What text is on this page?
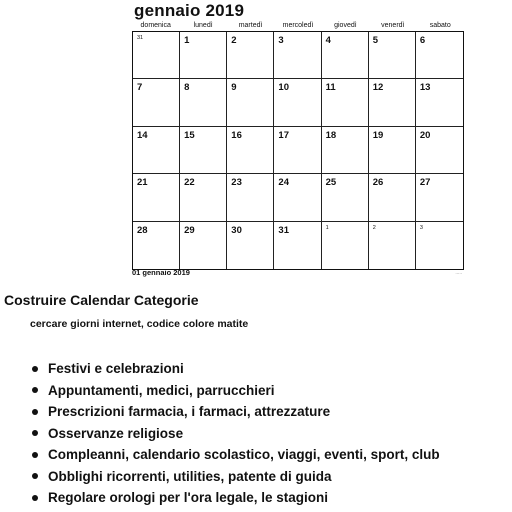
gennaio 2019
domenica	lunedì	martedì	mercoledì	giovedì	venerdì	sabato
31	1	2	3	4	5	6
7	8	9	10	11	12	13
14	15	16	17	18	19	20
21	22	23	24	25	26	27
28	29	30	31	1	2	3
01 gennaio 2019	·····
Costruire Calendar Categorie
cercare giorni internet, codice colore matite
Festivi e celebrazioni
Appuntamenti, medici, parrucchieri
Prescrizioni farmacia, i farmaci, attrezzature
Osservanze religiose
Compleanni, calendario scolastico, viaggi, eventi, sport, club
Obblighi ricorrenti, utilities, patente di guida
Regolare orologi per l'ora legale, le stagioni
